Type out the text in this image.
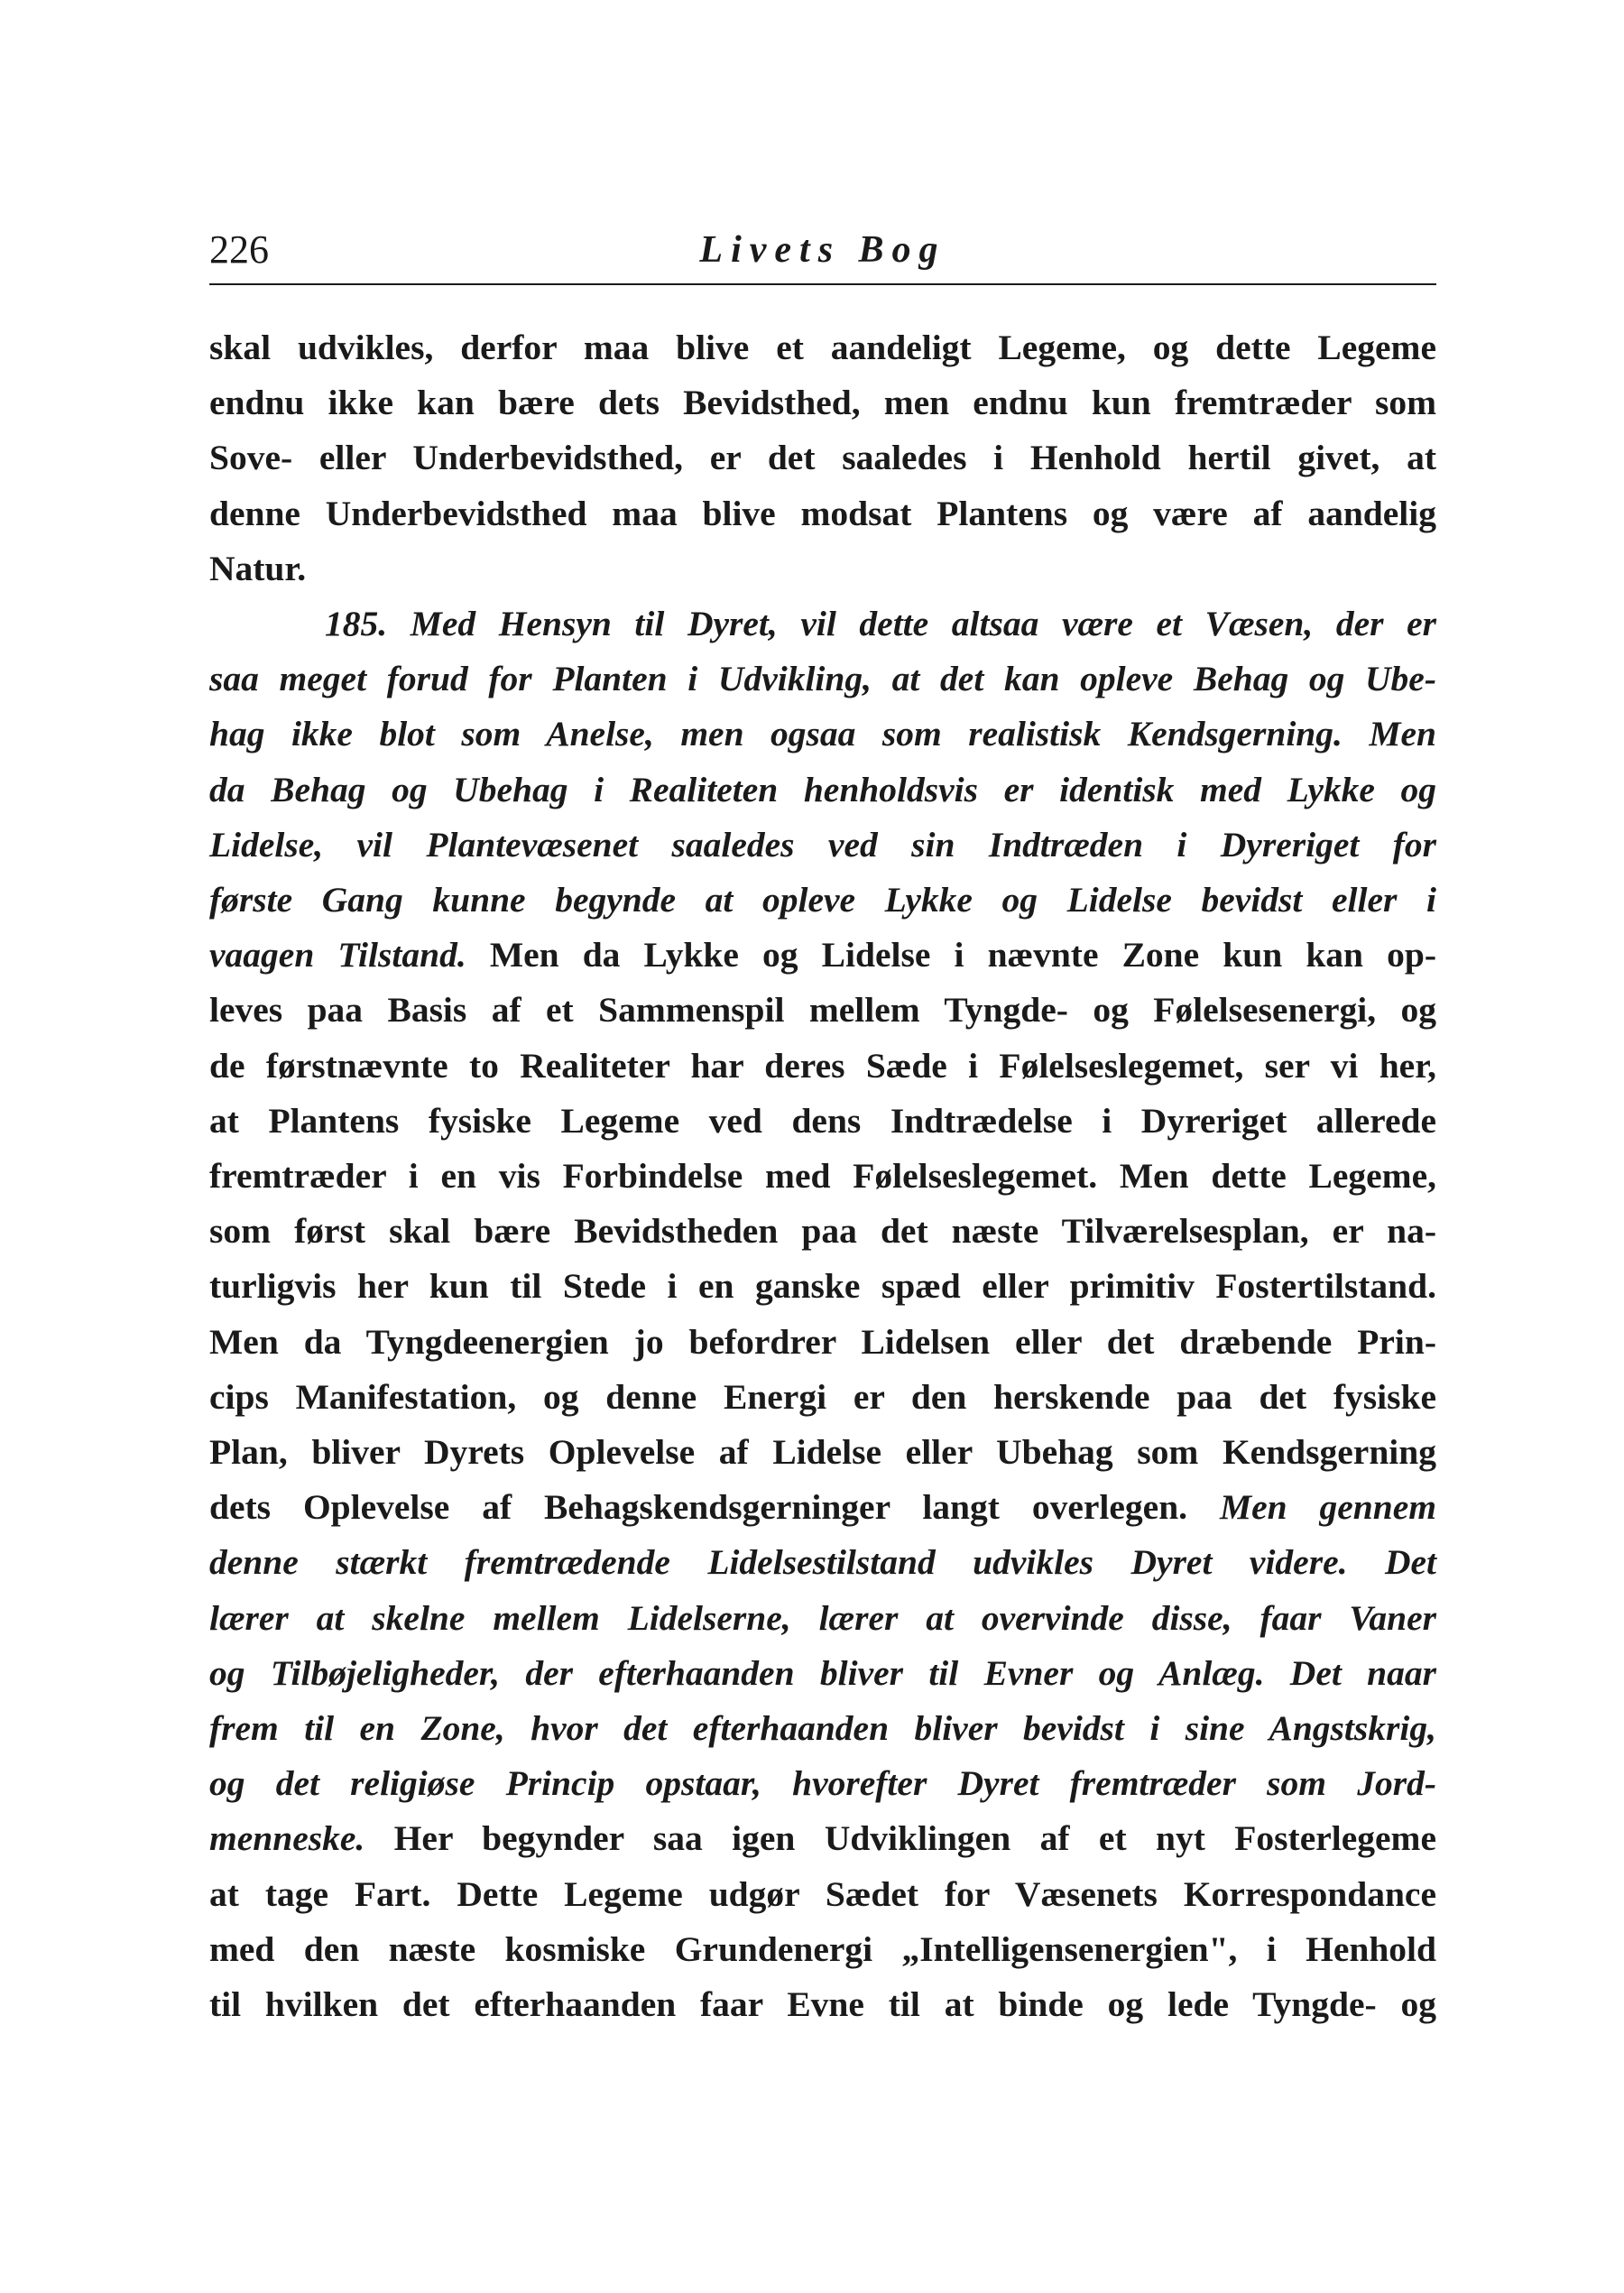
226	Livets Bog
skal udvikles, derfor maa blive et aandeligt Legeme, og dette Legeme
endnu ikke kan bære dets Bevidsthed, men endnu kun fremtræder som
Sove- eller Underbevidsthed, er det saaledes i Henhold hertil givet, at
denne Underbevidsthed maa blive modsat Plantens og være af aandelig
Natur.
185. Med Hensyn til Dyret, vil dette altsaa være et Væsen, der er
saa meget forud for Planten i Udvikling, at det kan opleve Behag og Ube-
hag ikke blot som Anelse, men ogsaa som realistisk Kendsgerning. Men
da Behag og Ubehag i Realiteten henholdsvis er identisk med Lykke og
Lidelse, vil Plantevæsenet saaledes ved sin Indtræden i Dyreriget for
første Gang kunne begynde at opleve Lykke og Lidelse bevidst eller i
vaagen Tilstand. Men da Lykke og Lidelse i nævnte Zone kun kan op-
leves paa Basis af et Sammenspil mellem Tyngde- og Følelsesenergi, og
de førstnævnte to Realiteter har deres Sæde i Følelseslegemet, ser vi her,
at Plantens fysiske Legeme ved dens Indtrædelse i Dyreriget allerede
fremtræder i en vis Forbindelse med Følelseslegemet. Men dette Legeme,
som først skal bære Bevidstheden paa det næste Tilværelsesplan, er na-
turligvis her kun til Stede i en ganske spæd eller primitiv Fostertilstand.
Men da Tyngdeenergien jo befordrer Lidelsen eller det dræbende Prin-
cips Manifestation, og denne Energi er den herskende paa det fysiske
Plan, bliver Dyrets Oplevelse af Lidelse eller Ubehag som Kendsgerning
dets Oplevelse af Behagskendsgerninger langt overlegen. Men gennem
denne stærkt fremtrædende Lidelsestilstand udvikles Dyret videre. Det
lærer at skelne mellem Lidelserne, lærer at overvinde disse, faar Vaner
og Tilbøjeligheder, der efterhaanden bliver til Evner og Anlæg. Det naar
frem til en Zone, hvor det efterhaanden bliver bevidst i sine Angstskrig,
og det religiøse Princip opstaar, hvorefter Dyret fremtræder som Jord-
menneske. Her begynder saa igen Udviklingen af et nyt Fosterlegeme
at tage Fart. Dette Legeme udgør Sædet for Væsenets Korrespondance
med den næste kosmiske Grundenergi „Intelligensenergien", i Henhold
til hvilken det efterhaanden faar Evne til at binde og lede Tyngde- og
